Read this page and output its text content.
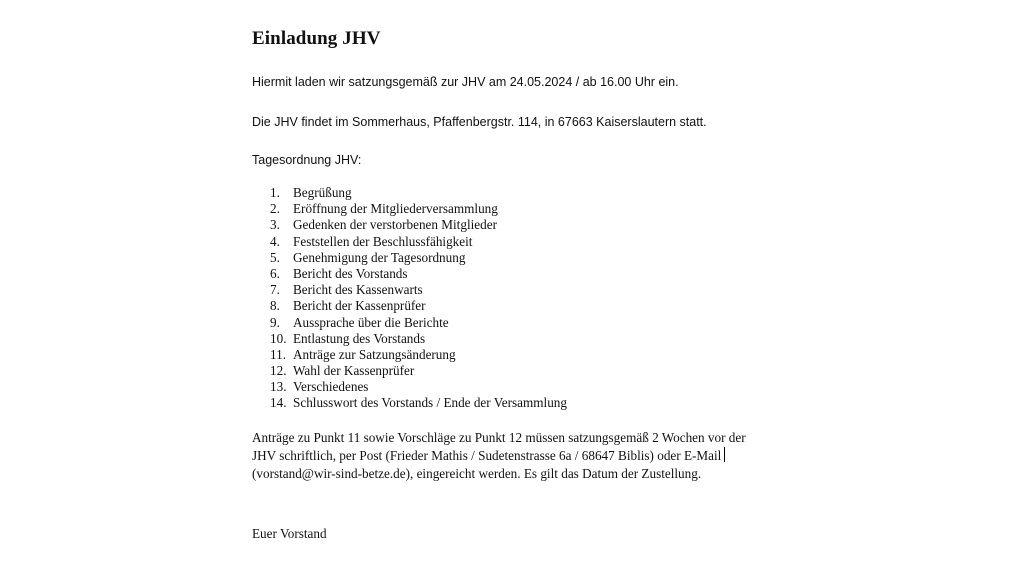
Einladung JHV
Hiermit laden wir satzungsgemäß zur JHV am 24.05.2024 / ab 16.00 Uhr ein.
Die JHV findet im Sommerhaus, Pfaffenbergstr. 114, in 67663 Kaiserslautern statt.
Tagesordnung JHV:
1. Begrüßung
2. Eröffnung der Mitgliederversammlung
3. Gedenken der verstorbenen Mitglieder
4. Feststellen der Beschlussfähigkeit
5. Genehmigung der Tagesordnung
6. Bericht des Vorstands
7. Bericht des Kassenwarts
8. Bericht der Kassenprüfer
9. Aussprache über die Berichte
10. Entlastung des Vorstands
11. Anträge zur Satzungsänderung
12. Wahl der Kassenprüfer
13. Verschiedenes
14. Schlusswort des Vorstands / Ende der Versammlung
Anträge zu Punkt 11 sowie Vorschläge zu Punkt 12 müssen satzungsgemäß 2 Wochen vor der
JHV schriftlich, per Post (Frieder Mathis / Sudetenstrasse 6a / 68647 Biblis) oder E-Mail
(vorstand@wir-sind-betze.de), eingereicht werden. Es gilt das Datum der Zustellung.
Euer Vorstand
